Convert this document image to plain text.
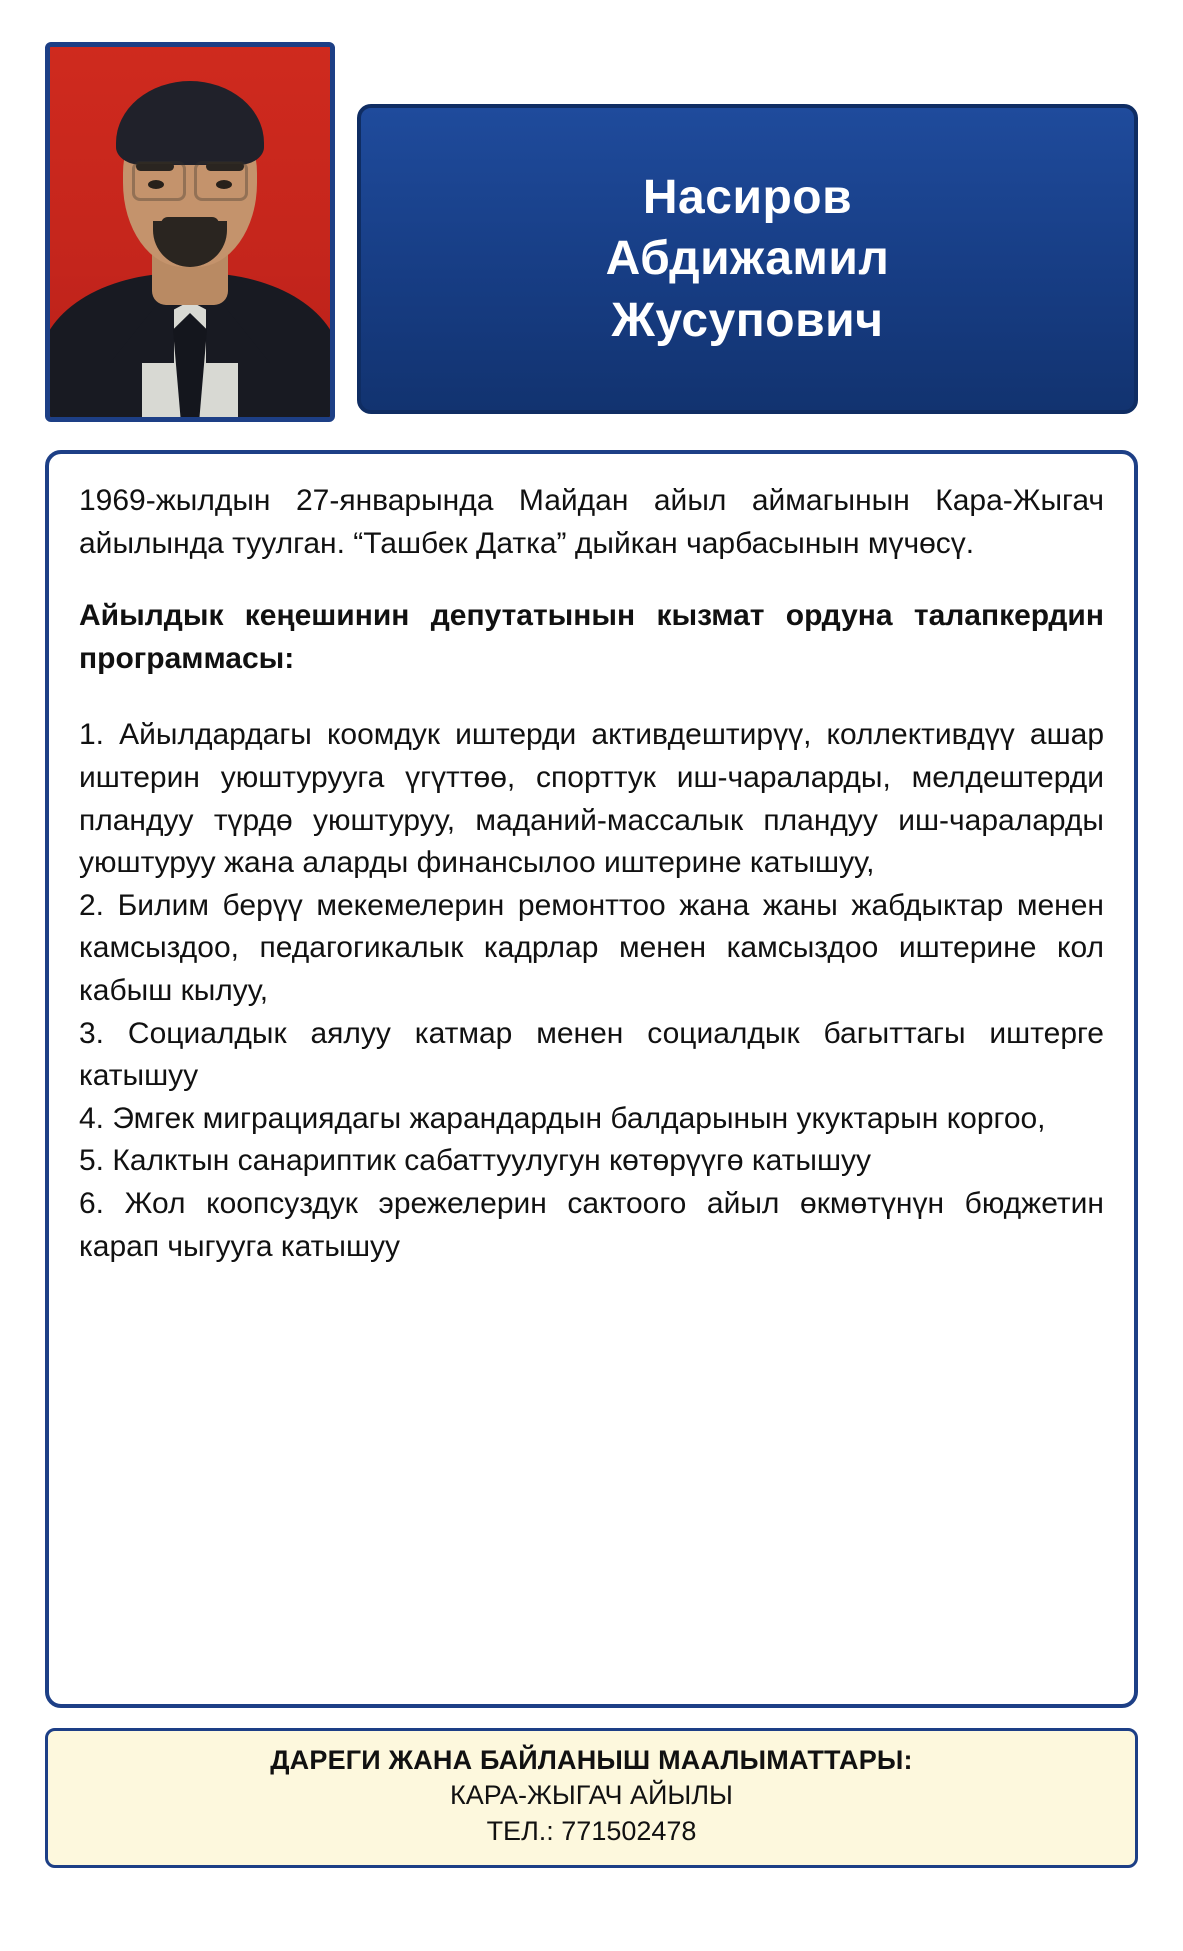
Насиров
Абдижамил
Жусупович

1969-жылдын 27-январында Майдан айыл аймагынын Кара-Жыгач айылында туулган. “Ташбек Датка” дыйкан чарбасынын мүчөсү.

Айылдык кеңешинин депутатынын кызмат ордуна талапкердин программасы:

1. Айылдардагы коомдук иштерди активдештирүү, коллективдүү ашар иштерин уюштурууга үгүттөө, спорттук иш-чараларды, мелдештерди пландуу түрдө уюштуруу, маданий-массалык пландуу иш-чараларды уюштуруу жана аларды финансылоо иштерине катышуу,

2. Билим берүү мекемелерин ремонттоо жана жаны жабдыктар менен камсыздоо, педагогикалык кадрлар менен камсыздоо иштерине кол кабыш кылуу,

3. Социалдык аялуу катмар менен социалдык багыттагы иштерге катышуу

4. Эмгек миграциядагы жарандардын балдарынын укуктарын коргоо,

5. Калктын санариптик сабаттуулугун көтөрүүгө катышуу

6. Жол коопсуздук эрежелерин сактоого айыл өкмөтүнүн бюджетин карап чыгууга катышуу

ДАРЕГИ ЖАНА БАЙЛАНЫШ МААЛЫМАТТАРЫ:
КАРА-ЖЫГАЧ АЙЫЛЫ
ТЕЛ.: 771502478
